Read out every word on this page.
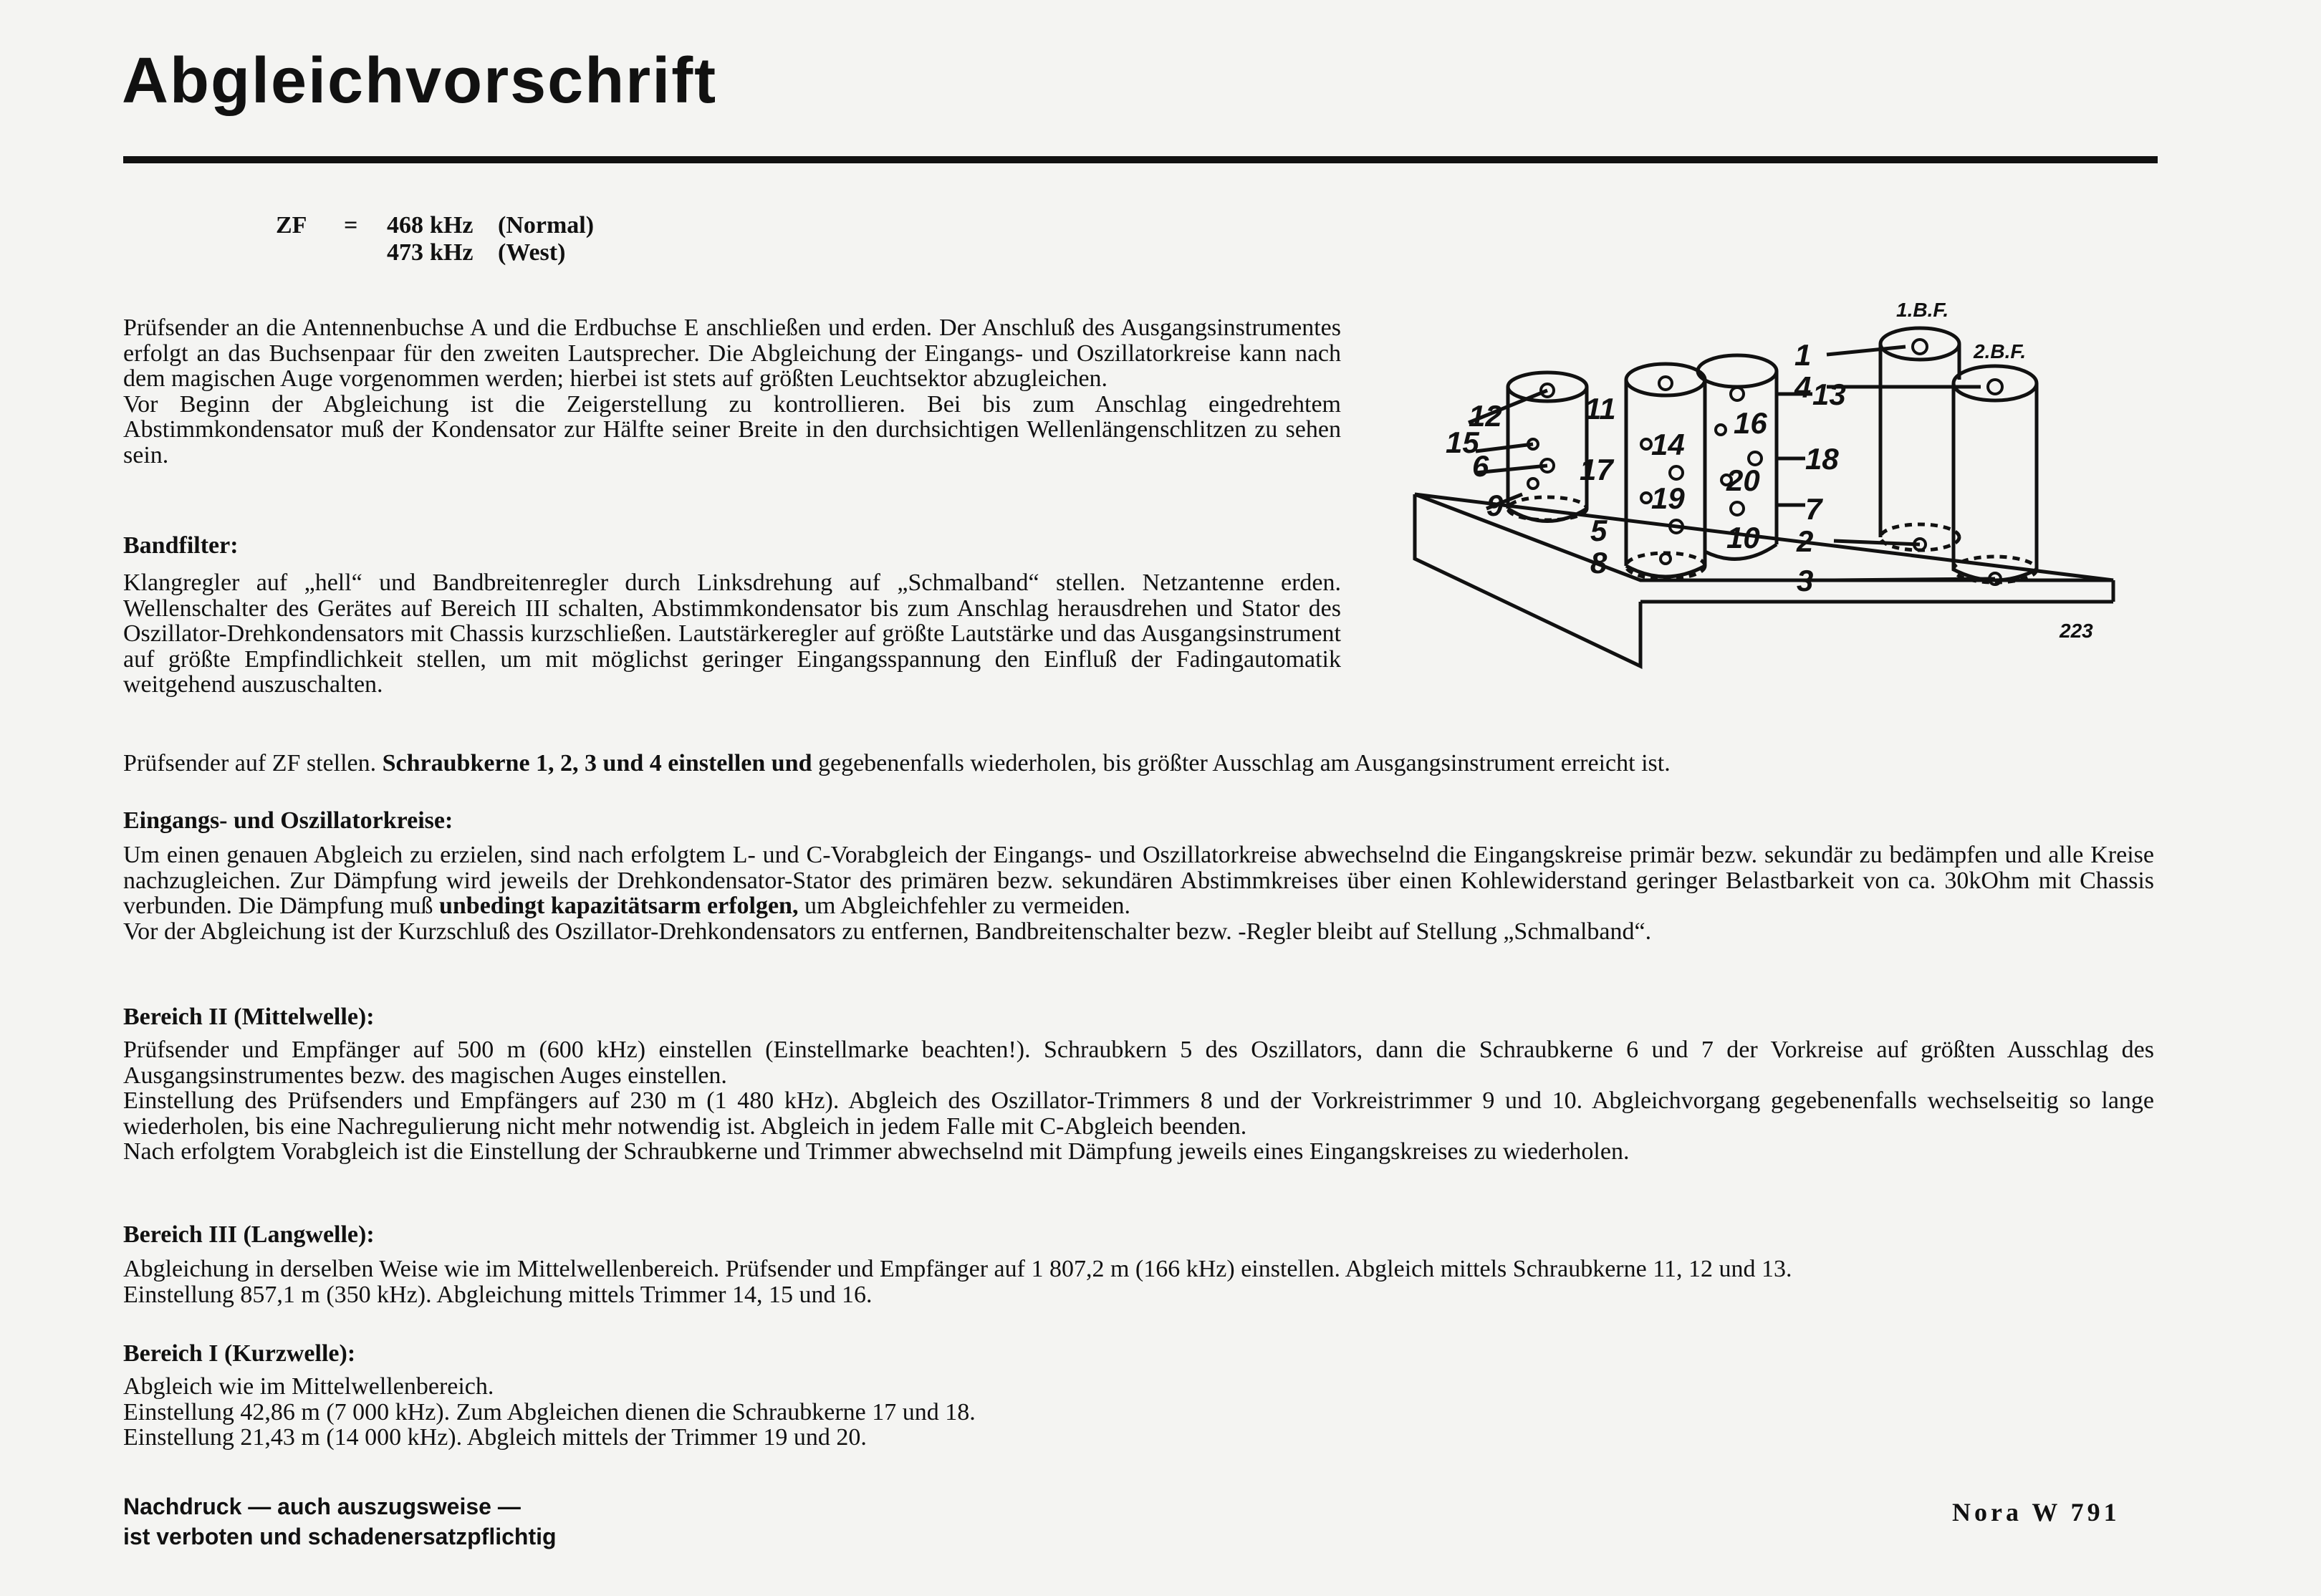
Abgleichvorschrift
ZF	=	468 kHz	(Normal)
473 kHz	(West)

Prüfsender an die Antennenbuchse A und die Erdbuchse E anschließen und erden. Der Anschluß des Ausgangsinstrumentes erfolgt an das Buchsenpaar für den zweiten Lautsprecher. Die Abgleichung der Eingangs- und Oszillatorkreise kann nach dem magischen Auge vorgenommen werden; hierbei ist stets auf größten Leuchtsektor abzugleichen.

Vor Beginn der Abgleichung ist die Zeigerstellung zu kontrollieren. Bei bis zum Anschlag eingedrehtem Abstimmkondensator muß der Kondensator zur Hälfte seiner Breite in den durchsichtigen Wellenlängenschlitzen zu sehen sein.

Bandfilter:

Klangregler auf „hell“ und Bandbreitenregler durch Linksdrehung auf „Schmalband“ stellen. Netzantenne erden. Wellenschalter des Gerätes auf Bereich III schalten, Abstimmkondensator bis zum Anschlag herausdrehen und Stator des Oszillator-Drehkondensators mit Chassis kurzschließen. Lautstärkeregler auf größte Lautstärke und das Ausgangsinstrument auf größte Empfindlichkeit stellen, um mit möglichst geringer Eingangsspannung den Einfluß der Fadingautomatik weitgehend auszuschalten.

Prüfsender auf ZF stellen. Schraubkerne 1, 2, 3 und 4 einstellen und gegebenenfalls wiederholen, bis größter Ausschlag am Ausgangsinstrument erreicht ist.

Eingangs- und Oszillatorkreise:

Um einen genauen Abgleich zu erzielen, sind nach erfolgtem L- und C-Vorabgleich der Eingangs- und Oszillatorkreise abwechselnd die Eingangskreise primär bezw. sekundär zu bedämpfen und alle Kreise nachzugleichen. Zur Dämpfung wird jeweils der Drehkondensator-Stator des primären bezw. sekundären Abstimmkreises über einen Kohlewiderstand geringer Belastbarkeit von ca. 30kOhm mit Chassis verbunden. Die Dämpfung muß unbedingt kapazitätsarm erfolgen, um Abgleichfehler zu vermeiden.

Vor der Abgleichung ist der Kurzschluß des Oszillator-Drehkondensators zu entfernen, Bandbreitenschalter bezw. -Regler bleibt auf Stellung „Schmalband“.

Bereich II (Mittelwelle):

Prüfsender und Empfänger auf 500 m (600 kHz) einstellen (Einstellmarke beachten!). Schraubkern 5 des Oszillators, dann die Schraubkerne 6 und 7 der Vorkreise auf größten Ausschlag des Ausgangsinstrumentes bezw. des magischen Auges einstellen.

Einstellung des Prüfsenders und Empfängers auf 230 m (1 480 kHz). Abgleich des Oszillator-Trimmers 8 und der Vorkreistrimmer 9 und 10. Abgleichvorgang gegebenenfalls wechselseitig so lange wiederholen, bis eine Nachregulierung nicht mehr notwendig ist. Abgleich in jedem Falle mit C-Abgleich beenden.

Nach erfolgtem Vorabgleich ist die Einstellung der Schraubkerne und Trimmer abwechselnd mit Dämpfung jeweils eines Eingangskreises zu wiederholen.

Bereich III (Langwelle):

Abgleichung in derselben Weise wie im Mittelwellenbereich. Prüfsender und Empfänger auf 1 807,2 m (166 kHz) einstellen. Abgleich mittels Schraubkerne 11, 12 und 13.

Einstellung 857,1 m (350 kHz). Abgleichung mittels Trimmer 14, 15 und 16.

Bereich I (Kurzwelle):

Abgleich wie im Mittelwellenbereich.

Einstellung 42,86 m (7 000 kHz). Zum Abgleichen dienen die Schraubkerne 17 und 18.

Einstellung 21,43 m (14 000 kHz). Abgleich mittels der Trimmer 19 und 20.

1
4
2
3
1.B.F.
2.B.F.
12
15
6
9
11
17
5
8
14
19
16
20
10
13
18
7
223
Nachdruck — auch auszugsweise —
ist verboten und schadenersatzpflichtig
Nora W 791
